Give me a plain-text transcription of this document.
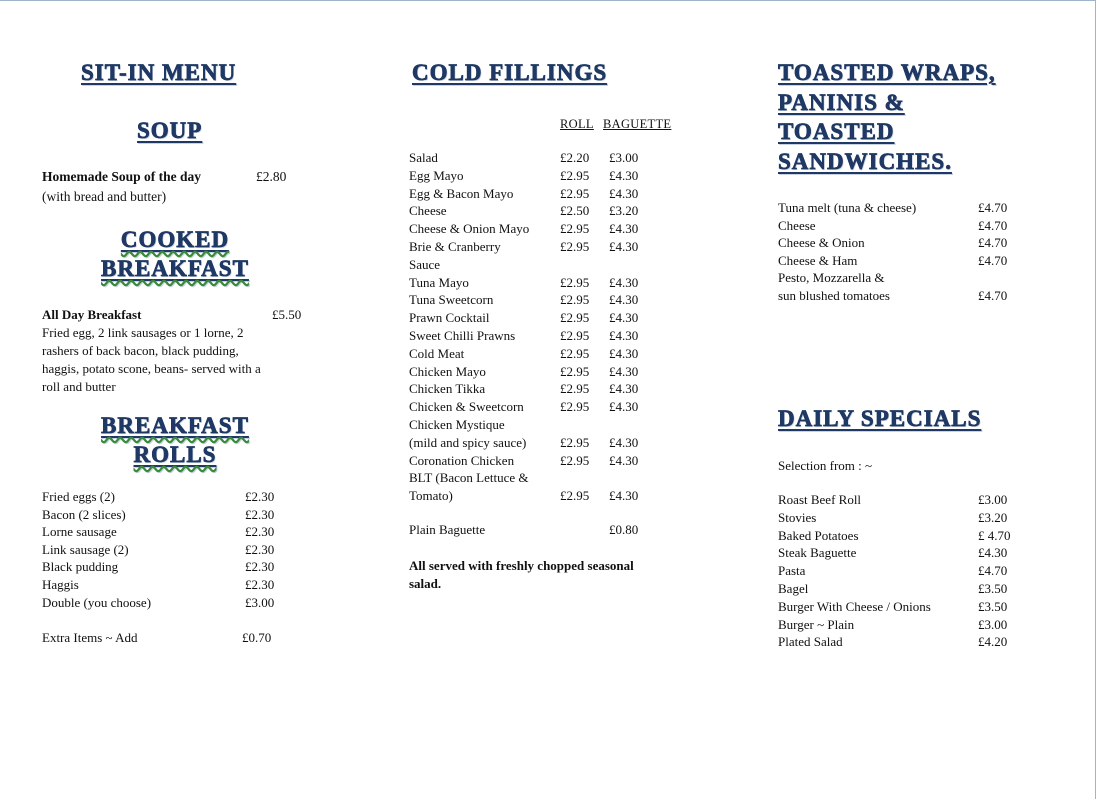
SIT-IN MENU
SOUP

Homemade Soup of the day	£2.80

(with bread and butter)

COOKED
BREAKFAST

All Day Breakfast	£5.50

Fried egg, 2 link sausages or 1 lorne, 2

rashers of back bacon, black pudding,

haggis, potato scone, beans- served with a

roll and butter

BREAKFAST
ROLLS
Fried eggs (2)	£2.30
Bacon (2 slices)	£2.30
Lorne sausage	£2.30
Link sausage (2)	£2.30
Black pudding	£2.30
Haggis	£2.30
Double (you choose)	£3.00
Extra Items ~ Add	£0.70
COLD FILLINGS
ROLL BAGUETTE
Salad	£2.20 £3.00
Egg Mayo	£2.95 £4.30
Egg & Bacon Mayo	£2.95 £4.30
Cheese	£2.50 £3.20
Cheese & Onion Mayo £2.95 £4.30
Brie & Cranberry	£2.95 £4.30
Sauce
Tuna Mayo	£2.95 £4.30
Tuna Sweetcorn	£2.95 £4.30
Prawn Cocktail	£2.95 £4.30
Sweet Chilli Prawns	£2.95 £4.30
Cold Meat	£2.95 £4.30
Chicken Mayo	£2.95 £4.30
Chicken Tikka	£2.95 £4.30
Chicken & Sweetcorn	£2.95 £4.30
Chicken Mystique
(mild and spicy sauce)	£2.95 £4.30
Coronation Chicken	£2.95 £4.30
BLT (Bacon Lettuce &
Tomato)	£2.95 £4.30
Plain Baguette	£0.80

All served with freshly chopped seasonal

salad.

TOASTED WRAPS,
PANINIS &
TOASTED
SANDWICHES.
Tuna melt (tuna & cheese)	£4.70
Cheese	£4.70
Cheese & Onion	£4.70
Cheese & Ham	£4.70
Pesto, Mozzarella &
sun blushed tomatoes	£4.70
DAILY SPECIALS

Selection from : ~

Roast Beef Roll	£3.00
Stovies	£3.20
Baked Potatoes	£ 4.70
Steak Baguette	£4.30
Pasta	£4.70
Bagel	£3.50
Burger With Cheese / Onions	£3.50
Burger ~ Plain	£3.00
Plated Salad	£4.20
